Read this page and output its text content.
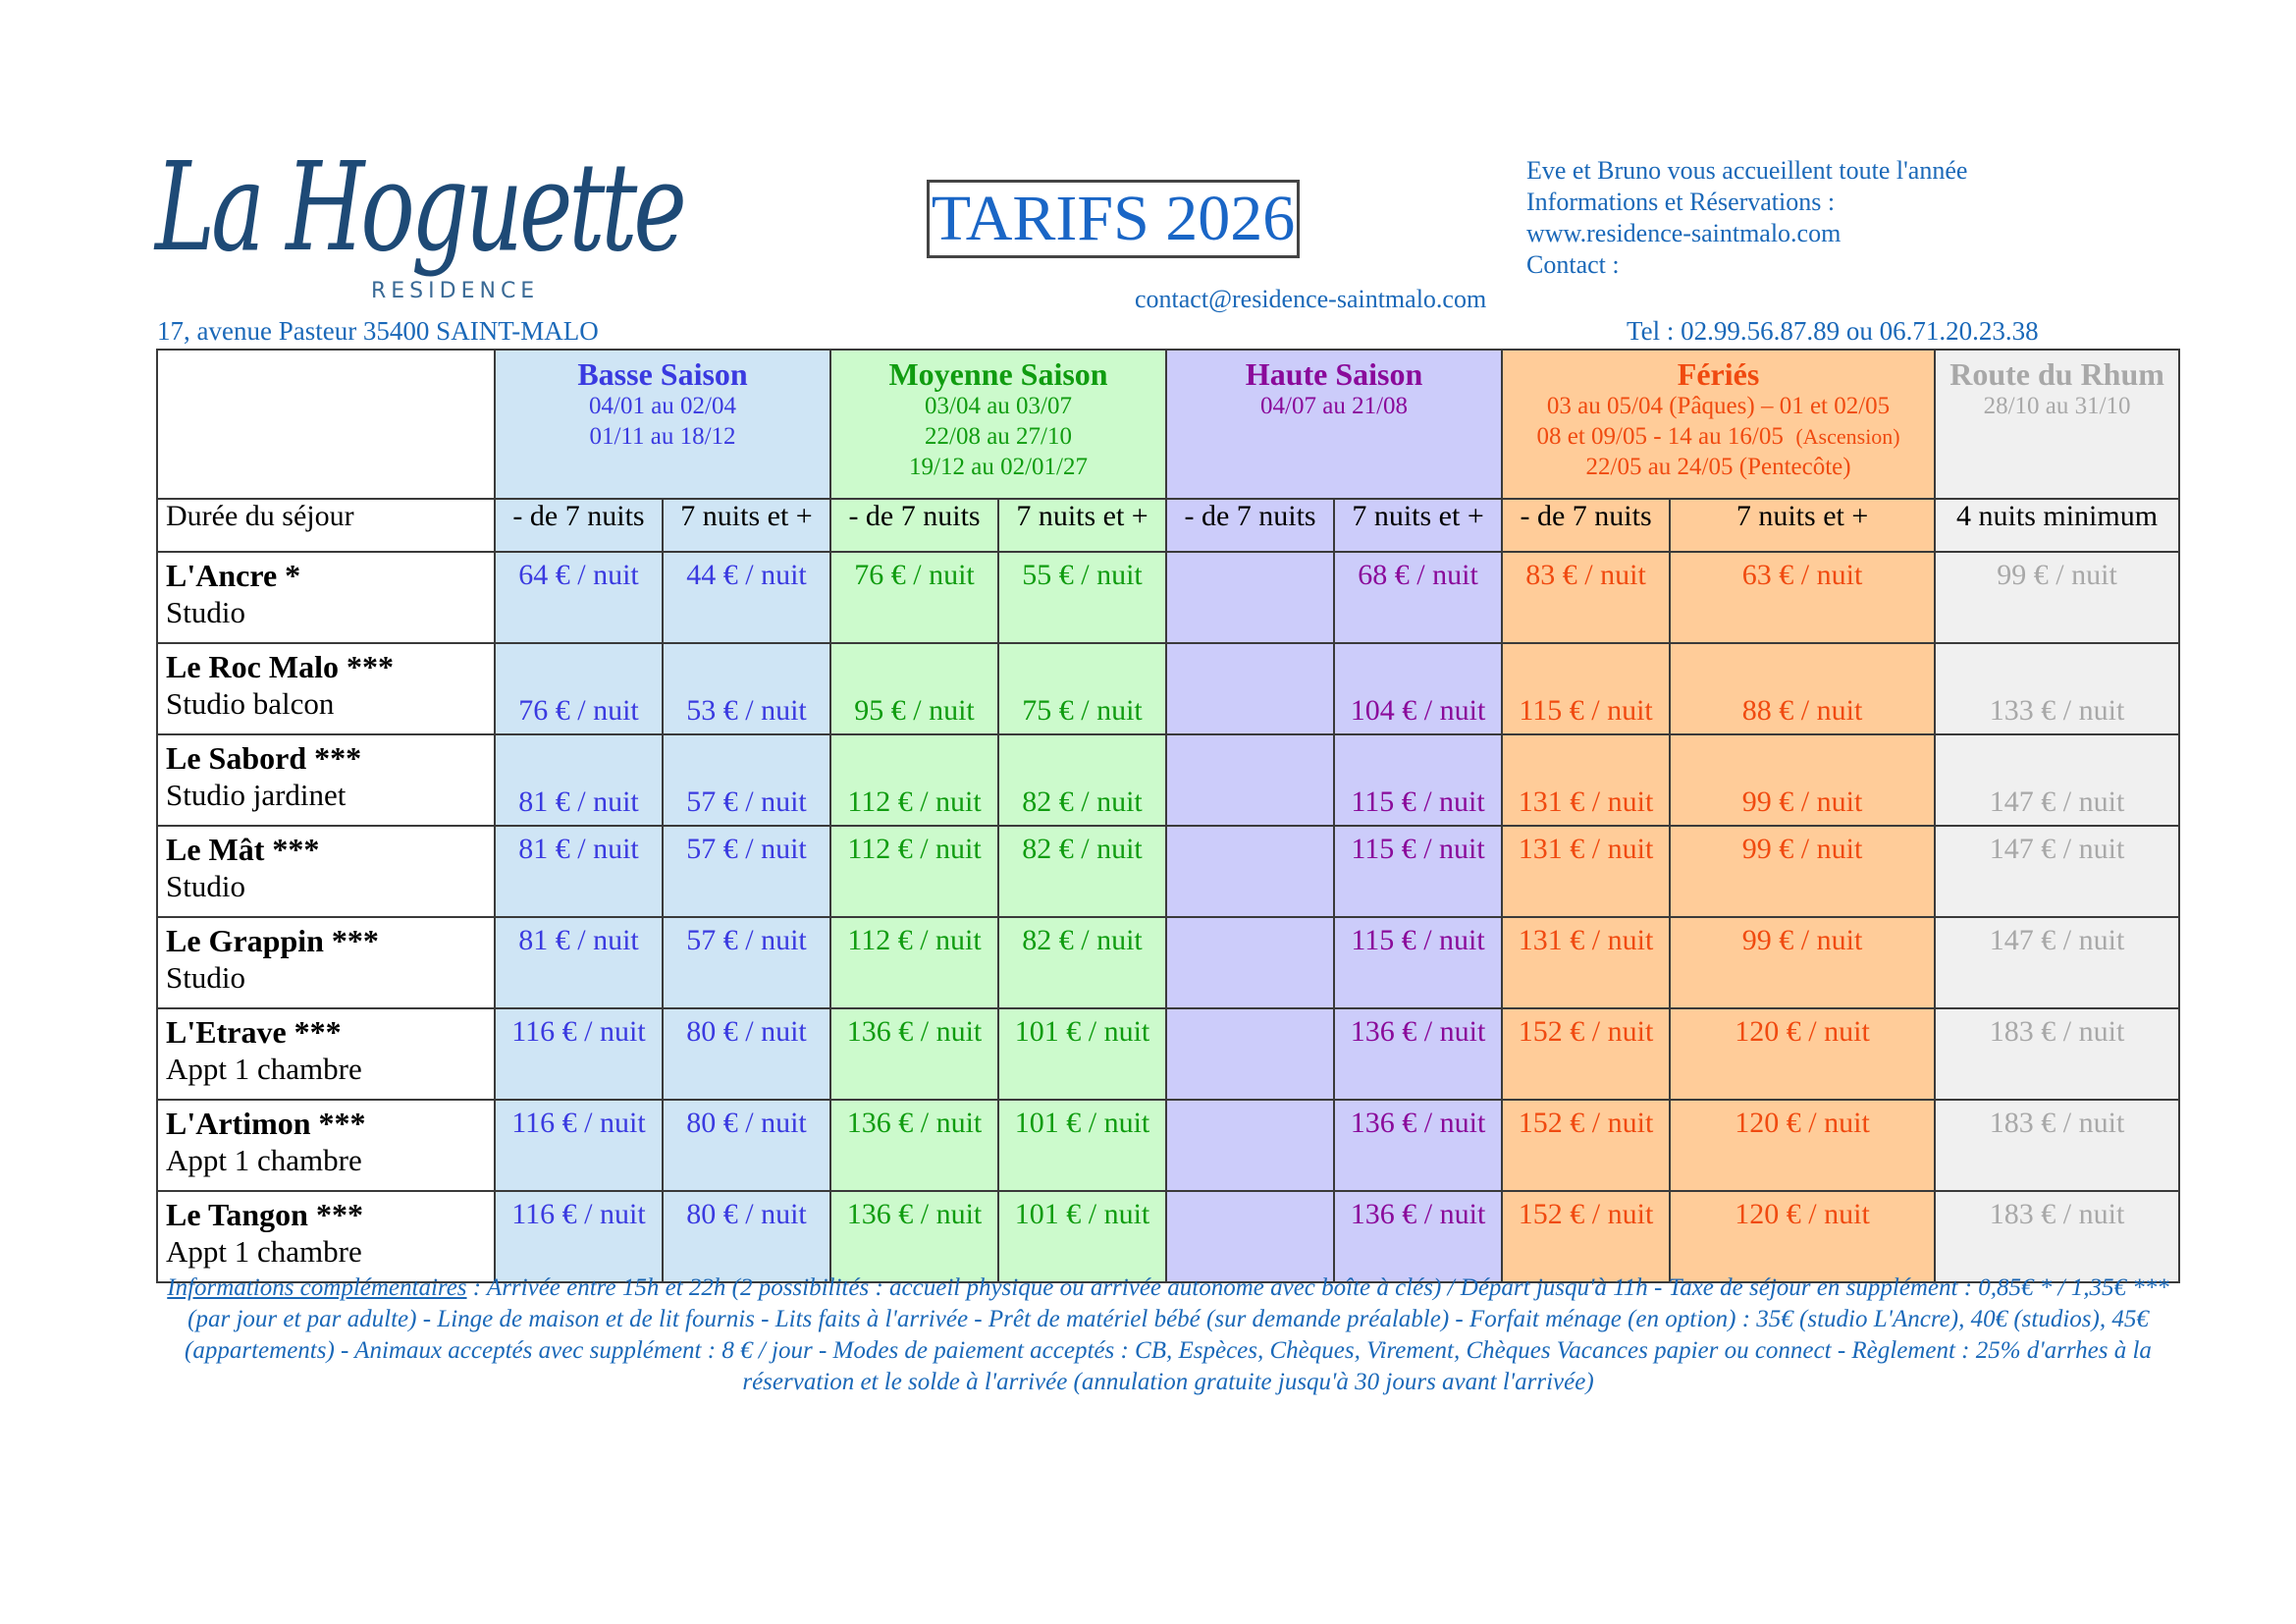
La Hoguette
RESIDENCE
17, avenue Pasteur 35400 SAINT-MALO
TARIFS 2026
contact@residence-saintmalo.com
Eve et Bruno vous accueillent toute l'année
Informations et Réservations :
www.residence-saintmalo.com
Contact :
Tel : 02.99.56.87.89 ou 06.71.20.23.38

	Basse Saison
04/01 au 02/04
01/11 au 18/12		Moyenne Saison
03/04 au 03/07
22/08 au 27/10
19/12 au 02/01/27		Haute Saison
04/07 au 21/08		Fériés
03 au 05/04 (Pâques) – 01 et 02/05
08 et 09/05 - 14 au 16/05 (Ascension)
22/05 au 24/05 (Pentecôte)		Route du Rhum
28/10 au 31/10

Durée du séjour	- de 7 nuits	7 nuits et +	- de 7 nuits	7 nuits et +	- de 7 nuits	7 nuits et +	- de 7 nuits	7 nuits et +	4 nuits minimum

L'Ancre *
Studio	64 € / nuit	44 € / nuit	76 € / nuit	55 € / nuit		68 € / nuit	83 € / nuit	63 € / nuit	99 € / nuit

Le Roc Malo ***
Studio balcon	76 € / nuit	53 € / nuit	95 € / nuit	75 € / nuit		104 € / nuit	115 € / nuit	88 € / nuit	133 € / nuit

Le Sabord ***
Studio jardinet	81 € / nuit	57 € / nuit	112 € / nuit	82 € / nuit		115 € / nuit	131 € / nuit	99 € / nuit	147 € / nuit

Le Mât ***
Studio	81 € / nuit	57 € / nuit	112 € / nuit	82 € / nuit		115 € / nuit	131 € / nuit	99 € / nuit	147 € / nuit

Le Grappin ***
Studio	81 € / nuit	57 € / nuit	112 € / nuit	82 € / nuit		115 € / nuit	131 € / nuit	99 € / nuit	147 € / nuit

L'Etrave ***
Appt 1 chambre	116 € / nuit	80 € / nuit	136 € / nuit	101 € / nuit		136 € / nuit	152 € / nuit	120 € / nuit	183 € / nuit

L'Artimon ***
Appt 1 chambre	116 € / nuit	80 € / nuit	136 € / nuit	101 € / nuit		136 € / nuit	152 € / nuit	120 € / nuit	183 € / nuit

Le Tangon ***
Appt 1 chambre	116 € / nuit	80 € / nuit	136 € / nuit	101 € / nuit		136 € / nuit	152 € / nuit	120 € / nuit	183 € / nuit
Informations complémentaires : Arrivée entre 15h et 22h (2 possibilités : accueil physique ou arrivée autonome avec boîte à clés) / Départ jusqu'à 11h - Taxe de séjour en supplément : 0,85€ * / 1,35€ *** (par jour et par adulte) - Linge de maison et de lit fournis - Lits faits à l'arrivée - Prêt de matériel bébé (sur demande préalable) - Forfait ménage (en option) : 35€ (studio L'Ancre), 40€ (studios), 45€ (appartements) - Animaux acceptés avec supplément : 8 € / jour - Modes de paiement acceptés : CB, Espèces, Chèques, Virement, Chèques Vacances papier ou connect - Règlement : 25% d'arrhes à la réservation et le solde à l'arrivée (annulation gratuite jusqu'à 30 jours avant l'arrivée)
